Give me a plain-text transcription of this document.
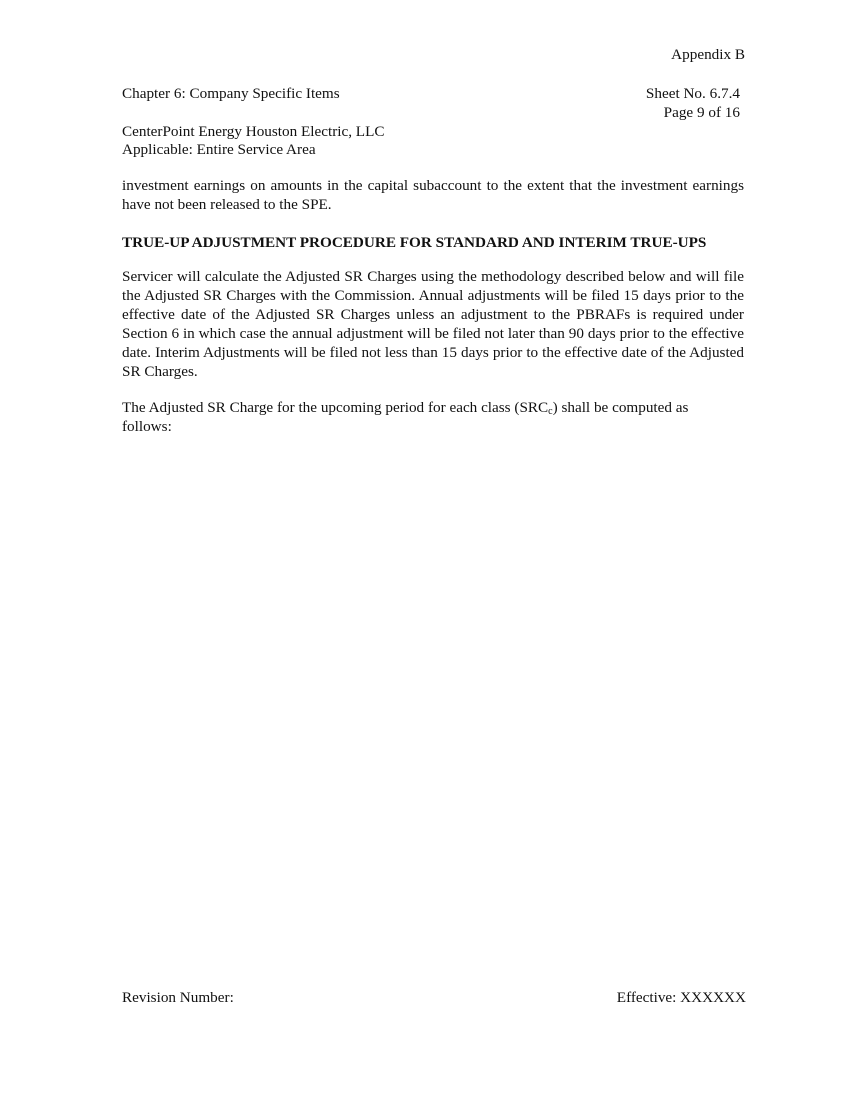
Appendix B
Chapter 6: Company Specific Items	Sheet No. 6.7.4
Page 9 of 16
CenterPoint Energy Houston Electric, LLC
Applicable: Entire Service Area

investment earnings on amounts in the capital subaccount to the extent that the investment earnings have not been released to the SPE.

TRUE-UP ADJUSTMENT PROCEDURE FOR STANDARD AND INTERIM TRUE-UPS

Servicer will calculate the Adjusted SR Charges using the methodology described below and will file the Adjusted SR Charges with the Commission. Annual adjustments will be filed 15 days prior to the effective date of the Adjusted SR Charges unless an adjustment to the PBRAFs is required under Section 6 in which case the annual adjustment will be filed not later than 90 days prior to the effective date. Interim Adjustments will be filed not less than 15 days prior to the effective date of the Adjusted SR Charges.

The Adjusted SR Charge for the upcoming period for each class $(SRC_c)$ shall be computed as follows:

Revision Number:	Effective: XXXXXX
